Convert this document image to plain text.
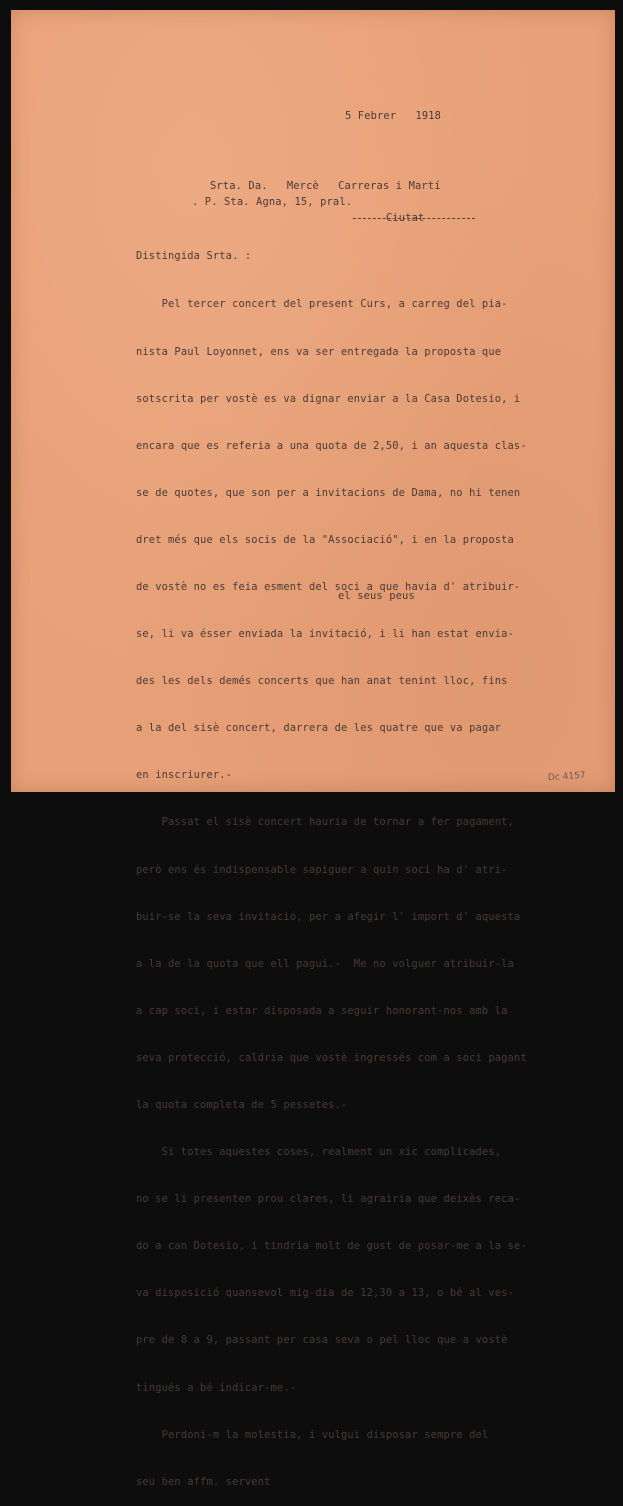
5 Febrer   1918
Srta. Da.   Mercè   Carreras i Martí
. P. Sta. Agna, 15, pral.
Ciutat
Distingida Srta. :

Pel tercer concert del present Curs, a carreg del pia-

nista Paul Loyonnet, ens va ser entregada la proposta que

sotscrita per vostè es va dignar enviar a la Casa Dotesio, i

encara que es referia a una quota de 2,50, i an aquesta clas-

se de quotes, que son per a invitacions de Dama, no hi tenen

dret més que els socis de la "Associació", i en la proposta

de vostè no es feia esment del soci a que havia d' atribuir-

se, li va ésser enviada la invitació, i li han estat envia-

des les dels demés concerts que han anat tenint lloc, fins

a la del sisè concert, darrera de les quatre que va pagar

en inscriurer.-

Passat el sisè concert hauria de tornar a fer pagament,

però ens és indispensable sapiguer a quin soci ha d' atri-

buir-se la seva invitació, per a afegir l' import d' aquesta

a la de la quota que ell pagui.-  Me no volguer atribuir-la

a cap soci, i estar disposada a seguir honorant-nos amb la

seva protecció, caldria que vostè ingressés com a soci pagant

la quota completa de 5 pessetes.-

Si totes aquestes coses, realment un xic complicades,

no se li presenten prou clares, li agrairia que deixès reca-

do a can Dotesio, i tindria molt de gust de posar-me a la se-

va disposició quansevol mig-dia de 12,30 a 13, o bé al ves-

pre de 8 a 9, passant per casa seva o pel lloc que a vostè

tingués a bé indicar-me.-

Perdoni-m la molestia, i vulgui disposar sempre del

seu ben affm. servent

el seus peus
Dc 4157
